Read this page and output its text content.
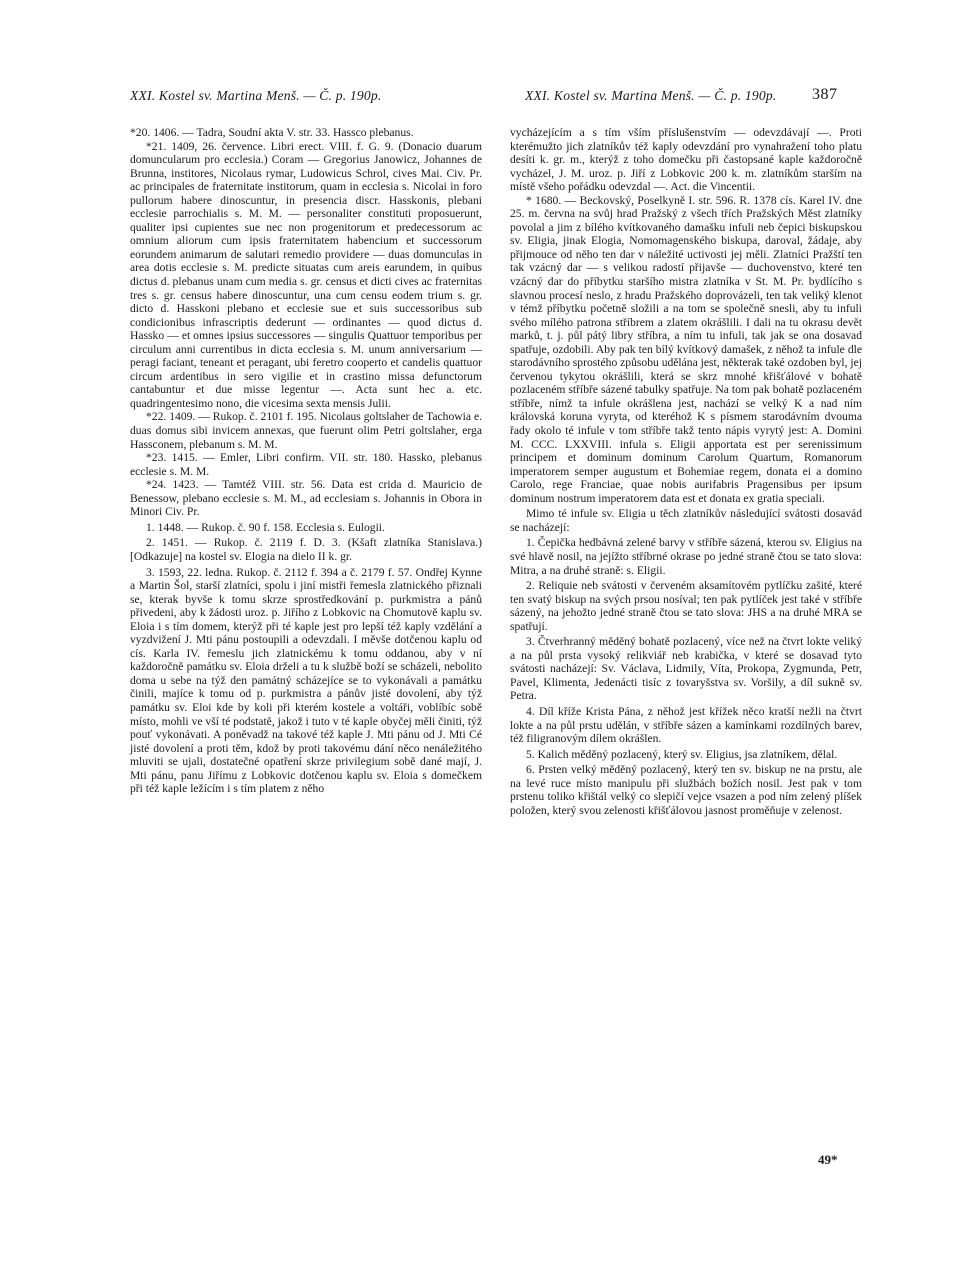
XXI. Kostel sv. Martina Menš. — Č. p. 190p.	XXI. Kostel sv. Martina Menš. — Č. p. 190p. 387

*20. 1406. — Tadra, Soudní akta V. str. 33. Hassco plebanus.

*21. 1409, 26. července. Libri erect. VIII. f. G. 9. (Donacio duarum domuncularum pro ecclesia.) Coram — Gregorius Janowicz, Johannes de Brunna, institores, Nicolaus rymar, Ludowicus Schrol, cives Mai. Civ. Pr. ac principales de fraternitate institorum, quam in ecclesia s. Nicolai in foro pullorum habere dinoscuntur, in presencia discr. Hasskonis, plebani ecclesie parrochialis s. M. M. — personaliter constituti proposuerunt, qualiter ipsi cupientes sue nec non progenitorum et predecessorum ac omnium aliorum cum ipsis fraternitatem habencium et successorum eorundem animarum de salutari remedio providere — duas domunculas in area dotis ecclesie s. M. predicte situatas cum areis earundem, in quibus dictus d. plebanus unam cum media s. gr. census et dicti cives ac fraternitas tres s. gr. census habere dinoscuntur, una cum censu eodem trium s. gr. dicto d. Hasskoni plebano et ecclesie sue et suis successoribus sub condicionibus infrascriptis dederunt — ordinantes — quod dictus d. Hassko — et omnes ipsius successores — singulis Quattuor temporibus per circulum anni currentibus in dicta ecclesia s. M. unum anniversarium — peragi faciant, teneant et peragant, ubi feretro cooperto et candelis quattuor circum ardentibus in sero vigilie et in crastino missa defunctorum cantabuntur et due misse legentur —. Acta sunt hec a. etc. quadringentesimo nono, die vicesima sexta mensis Julii.

*22. 1409. — Rukop. č. 2101 f. 195. Nicolaus goltslaher de Tachowia e. duas domus sibi invicem annexas, que fuerunt olim Petri goltslaher, erga Hassconem, plebanum s. M. M.

*23. 1415. — Emler, Libri confirm. VII. str. 180. Hassko, plebanus ecclesie s. M. M.

*24. 1423. — Tamtéž VIII. str. 56. Data est crida d. Mauricio de Benessow, plebano ecclesie s. M. M., ad ecclesiam s. Johannis in Obora in Minori Civ. Pr.

1. 1448. — Rukop. č. 90 f. 158. Ecclesia s. Eulogii.

2. 1451. — Rukop. č. 2119 f. D. 3. (Kšaft zlatníka Stanislava.) [Odkazuje] na kostel sv. Elogia na dielo II k. gr.

3. 1593, 22. ledna. Rukop. č. 2112 f. 394 a č. 2179 f. 57. Ondřej Kynne a Martin Šol, starší zlatníci, spolu i jiní mistři řemesla zlatnického přiznali se, kterak byvše k tomu skrze sprostředkování p. purkmistra a pánů přivedeni, aby k žádosti uroz. p. Jiřího z Lobkovic na Chomutově kaplu sv. Eloia i s tím domem, kterýž při té kaple jest pro lepší též kaply vzdělání a vyzdvižení J. Mti pánu postoupili a odevzdali. I měvše dotčenou kaplu od cís. Karla IV. řemeslu jich zlatnickému k tomu oddanou, aby v ní každoročně památku sv. Eloia drželi a tu k službě boží se scházeli, nebolito doma u sebe na týž den památný scházejíce se to vykonávali a památku činili, majíce k tomu od p. purkmistra a pánův jisté dovolení, aby týž památku sv. Eloi kde by koli při kterém kostele a voltáři, voblíbíc sobě místo, mohli ve vší té podstatě, jakož i tuto v té kaple obyčej měli činiti, týž pouť vykonávati. A poněvadž na takové též kaple J. Mti pánu od J. Mti Cé jisté dovolení a proti těm, kdož by proti takovému dání něco nenáležitého mluviti se ujali, dostatečné opatření skrze privilegium sobě dané mají, J. Mti pánu, panu Jiřímu z Lobkovic dotčenou kaplu sv. Eloia s domečkem při též kaple ležícím i s tím platem z něho

vycházejícím a s tím vším příslušenstvím — odevzdávají —. Proti kterémužto jich zlatníkův též kaply odevzdání pro vynahražení toho platu desíti k. gr. m., kterýž z toho domečku při častopsané kaple každoročně vycházel, J. M. uroz. p. Jiří z Lobkovic 200 k. m. zlatníkům starším na místě všeho pořádku odevzdal —. Act. die Vincentii.

* 1680. — Beckovský, Poselkyně I. str. 596. R. 1378 cís. Karel IV. dne 25. m. června na svůj hrad Pražský z všech třích Pražských Měst zlatníky povolal a jim z bílého kvítkovaného damašku infuli neb čepici biskupskou sv. Eligia, jinak Elogia, Nomomagenského biskupa, daroval, žádaje, aby přijmouce od něho ten dar v náležité uctivosti jej měli. Zlatníci Pražští ten tak vzácný dar — s velikou radostí přijavše — duchovenstvo, které ten vzácný dar do příbytku staršího mistra zlatníka v St. M. Pr. bydlícího s slavnou procesí neslo, z hradu Pražského doprovázeli, ten tak veliký klenot v témž příbytku početně složili a na tom se společně snesli, aby tu infuli svého mílého patrona stříbrem a zlatem okrášlili. I dali na tu okrasu devět marků, t. j. půl pátý libry stříbra, a ním tu infuli, tak jak se ona dosavad spatřuje, ozdobili. Aby pak ten bílý kvítkový damašek, z něhož ta infule dle starodávního sprostého způsobu udělána jest, některak také ozdoben byl, jej červenou tykytou okrášlili, která se skrz mnohé křišťálové v bohatě pozlaceném stříbře sázené tabulky spatřuje. Na tom pak bohatě pozlaceném stříbře, nímž ta infule okrášlena jest, nachází se velký K a nad ním královská koruna vyryta, od kteréhož K s písmem starodávním dvouma řady okolo té infule v tom stříbře takž tento nápis vyrytý jest: A. Domini M. CCC. LXXVIII. infula s. Eligii apportata est per serenissimum principem et dominum dominum Carolum Quartum, Romanorum imperatorem semper augustum et Bohemiae regem, donata ei a domino Carolo, rege Franciae, quae nobis aurifabris Pragensibus per ipsum dominum nostrum imperatorem data est et donata ex gratia speciali.

Mimo té infule sv. Eligia u těch zlatníkův následující svátosti dosavád se nacházejí:

1. Čepička hedbávná zelené barvy v stříbře sázená, kterou sv. Eligius na své hlavě nosil, na jejížto stříbrné okrase po jedné straně čtou se tato slova: Mitra, a na druhé straně: s. Eligii.

2. Reliquie neb svátosti v červeném aksamítovém pytlíčku zašité, které ten svatý biskup na svých prsou nosíval; ten pak pytlíček jest také v stříbře sázený, na jehožto jedné straně čtou se tato slova: JHS a na druhé MRA se spatřují.

3. Čtverhranný měděný bohatě pozlacený, více než na čtvrt lokte veliký a na půl prsta vysoký relikviář neb krabička, v které se dosavad tyto svátosti nacházejí: Sv. Václava, Lidmily, Víta, Prokopa, Zygmunda, Petr, Pavel, Klimenta, Jedenácti tisíc z tovaryšstva sv. Voršily, a díl sukně sv. Petra.

4. Díl kříže Krista Pána, z něhož jest křížek něco kratší nežli na čtvrt lokte a na půl prstu udělán, v stříbře sázen a kamínkami rozdílných barev, též filigranovým dílem okrášlen.

5. Kalich měděný pozlacený, který sv. Eligius, jsa zlatníkem, dělal.

6. Prsten velký měděný pozlacený, který ten sv. biskup ne na prstu, ale na levé ruce místo manipulu při službách božích nosil. Jest pak v tom prstenu toliko křištál velký co slepičí vejce vsazen a pod ním zelený plíšek položen, který svou zelenosti křišťálovou jasnost proměňuje v zelenost.

49*
